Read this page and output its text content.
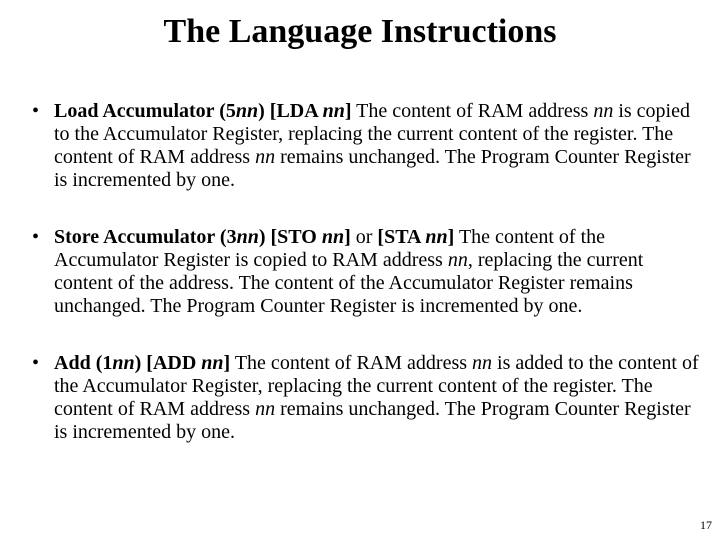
The Language Instructions
• Load Accumulator (5nn) [LDA nn] The content of RAM address nn is copied to the Accumulator Register, replacing the current content of the register. The content of RAM address nn remains unchanged. The Program Counter Register is incremented by one.
• Store Accumulator (3nn) [STO nn] or [STA nn] The content of the Accumulator Register is copied to RAM address nn, replacing the current content of the address. The content of the Accumulator Register remains unchanged. The Program Counter Register is incremented by one.
• Add (1nn) [ADD nn] The content of RAM address nn is added to the content of the Accumulator Register, replacing the current content of the register. The content of RAM address nn remains unchanged. The Program Counter Register is incremented by one.
17
